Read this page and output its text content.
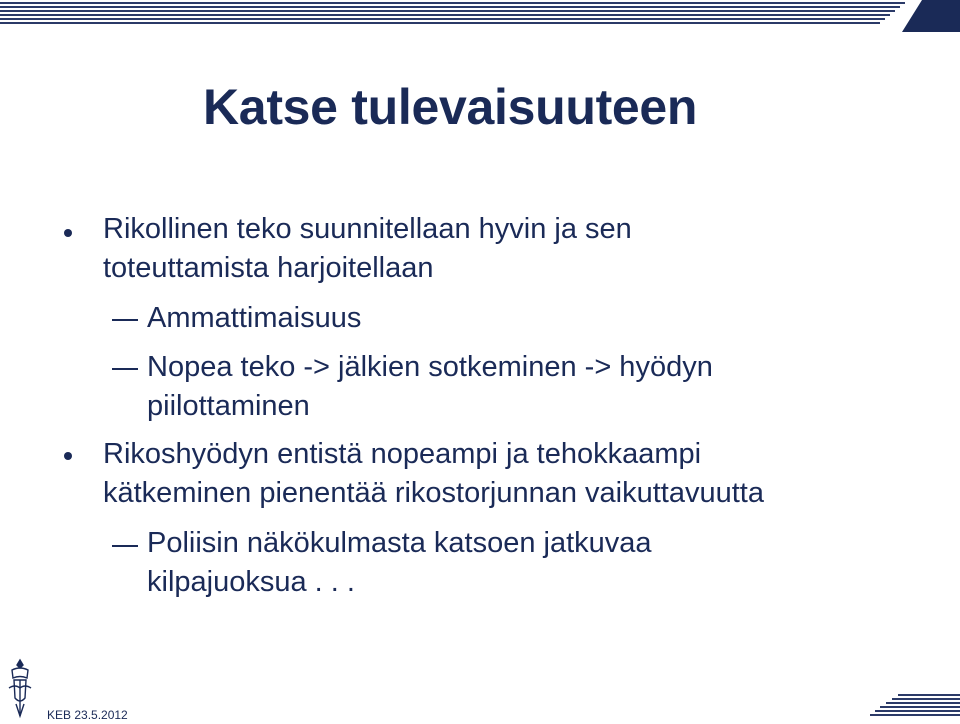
Katse tulevaisuuteen
Rikollinen teko suunnitellaan hyvin ja sen
toteuttamista harjoitellaan
Ammattimaisuus
Nopea teko -> jälkien sotkeminen -> hyödyn
piilottaminen
Rikoshyödyn entistä nopeampi ja tehokkaampi
kätkeminen pienentää rikostorjunnan vaikuttavuutta
Poliisin näkökulmasta katsoen jatkuvaa
kilpajuoksua . . .
KEB 23.5.2012
